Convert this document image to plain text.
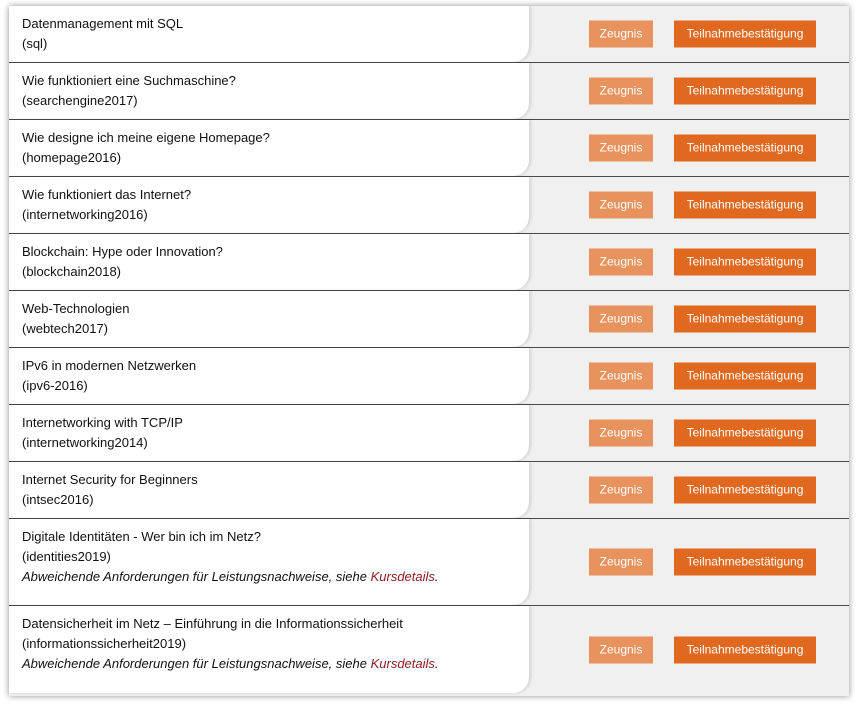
Datenmanagement mit SQL
(sql)
Zeugnis	Teilnahmebestätigung
Wie funktioniert eine Suchmaschine?
(searchengine2017)
Zeugnis	Teilnahmebestätigung
Wie designe ich meine eigene Homepage?
(homepage2016)
Zeugnis	Teilnahmebestätigung
Wie funktioniert das Internet?
(internetworking2016)
Zeugnis	Teilnahmebestätigung
Blockchain: Hype oder Innovation?
(blockchain2018)
Zeugnis	Teilnahmebestätigung
Web-Technologien
(webtech2017)
Zeugnis	Teilnahmebestätigung
IPv6 in modernen Netzwerken
(ipv6-2016)
Zeugnis	Teilnahmebestätigung
Internetworking with TCP/IP
(internetworking2014)
Zeugnis	Teilnahmebestätigung
Internet Security for Beginners
(intsec2016)
Zeugnis	Teilnahmebestätigung
Digitale Identitäten - Wer bin ich im Netz?
(identities2019)
Abweichende Anforderungen für Leistungsnachweise, siehe Kursdetails.
Zeugnis	Teilnahmebestätigung
Datensicherheit im Netz – Einführung in die Informationssicherheit
(informationssicherheit2019)
Abweichende Anforderungen für Leistungsnachweise, siehe Kursdetails.
Zeugnis	Teilnahmebestätigung
